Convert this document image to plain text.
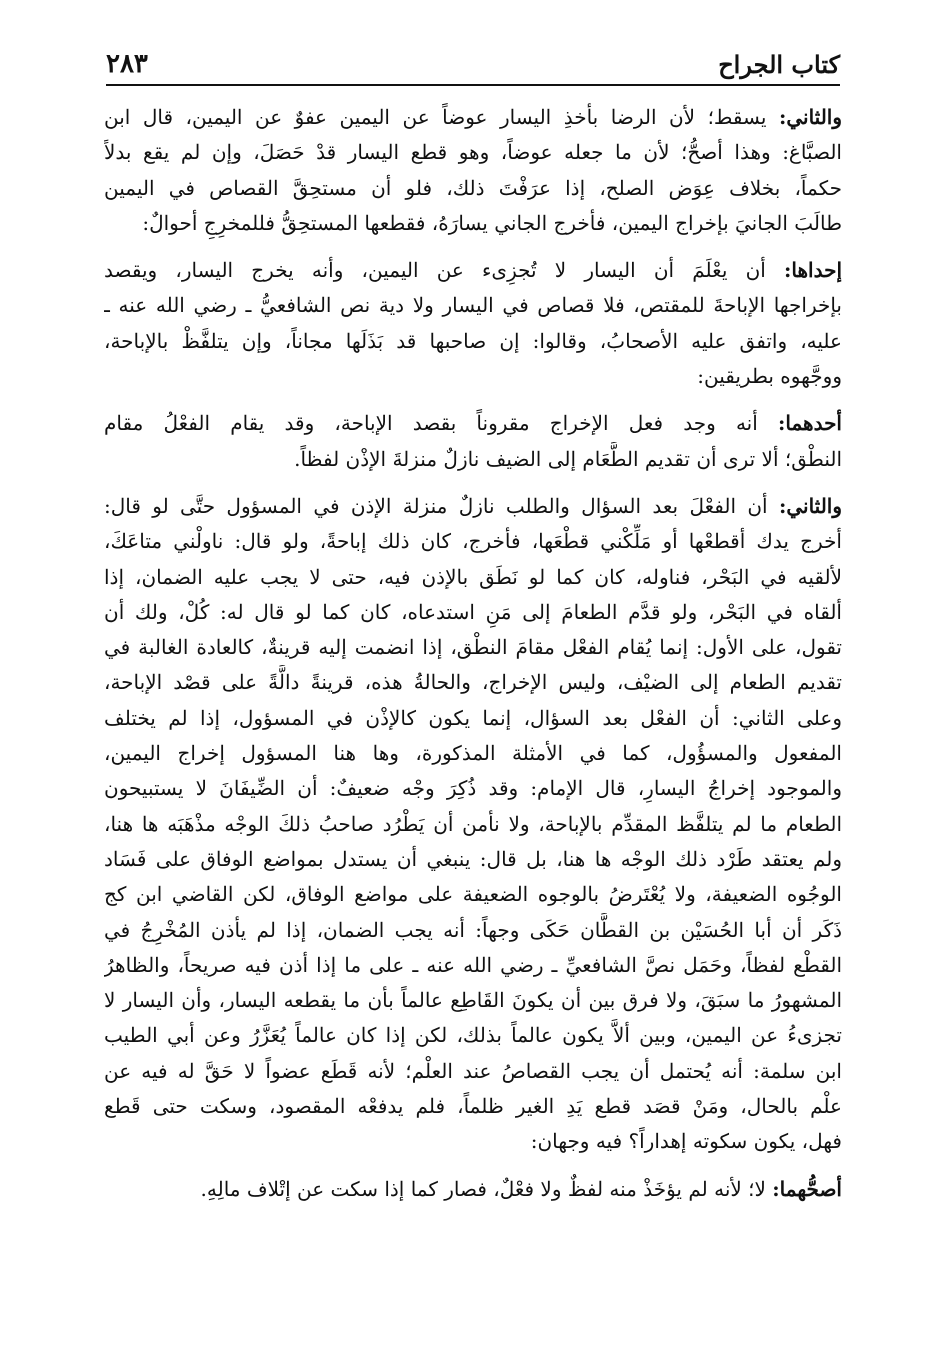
كتاب الجراح
٢٨٣
والثاني: يسقط؛ لأن الرضا بأخذِ اليسار عوضاً عن اليمين عفوٌ عن اليمين، قال ابن
الصبَّاغ: وهذا أصحُّ؛ لأن ما جعله عوضاً، وهو قطع اليسار قدْ حَصَلَ، وإن لم يقع بدلاً
حكماً، بخلاف عِوَض الصلح، إذا عرَفْتَ ذلك، فلو أن مستحِقَّ القصاص في اليمين
طالَبَ الجانيَ بإخراج اليمين، فأخرج الجاني يسارَهُ، فقطعها المستحِقُّ فللمخرِجِ أحوالٌ:
إحداها: أن يعْلَمَ أن اليسار لا تُجزِىء عن اليمين، وأنه يخرج اليسار، ويقصد
بإخراجها الإباحةَ للمقتص، فلا قصاص في اليسار ولا دية نص الشافعيُّ ـ رضي الله عنه ـ
عليه، واتفق عليه الأصحابُ، وقالوا: إن صاحبها قد بَذَلَها مجاناً، وإن يتلفَّظْ بالإباحة،
ووجَّهوه بطريقين:
أحدهما: أنه وجد فعل الإخراج مقروناً بقصد الإباحة، وقد يقام الفعْلُ مقام
النطْق؛ ألا ترى أن تقديم الطَّعَام إلى الضيف نازلٌ منزلةَ الإذْن لفظاً.
والثاني: أن الفعْلَ بعد السؤال والطلب نازلٌ منزلة الإذن في المسؤول حتَّى لو قال:
أخرج يدك أقطعْها أو مَلِّكْني قطْعَها، فأخرج، كان ذلك إباحةً، ولو قال: ناولْني متاعَكَ،
لألقيه في البَحْر، فناوله، كان كما لو نَطَق بالإذن فيه، حتى لا يجب عليه الضمان، إذا
ألقاه في البَحْر، ولو قدَّم الطعامَ إلى مَنِ استدعاه، كان كما لو قال له: كُلْ، ولك أن
تقول، على الأول: إنما يُقام الفعْل مقامَ النطْق، إذا انضمت إليه قرينةٌ، كالعادة الغالبة في
تقديم الطعام إلى الضيْف، وليس الإخراج، والحالةُ هذه، قرينةً دالَّةً على قصْد الإباحة،
وعلى الثاني: أن الفعْل بعد السؤال، إنما يكون كالإذْن في المسؤول، إذا لم يختلف
المفعول والمسؤُول، كما في الأمثلة المذكورة، وها هنا المسؤول إخراج اليمين،
والموجود إخراجُ اليسارِ، قال الإمام: وقد ذُكِرَ وجْه ضعيفٌ: أن الضِّيفَانَ لا يستبيحون
الطعام ما لم يتلفَّظ المقدِّم بالإباحة، ولا نأمن أن يَطْرُد صاحبُ ذلكَ الوجْه مذْهَبَه ها هنا،
ولم يعتقد طَرْد ذلك الوجْه ها هنا، بل قال: ينبغي أن يستدل بمواضع الوفاق على فَسَاد
الوجُوه الضعيفة، ولا يُعْتَرضُ بالوجوه الضعيفة على مواضع الوفاق، لكن القاضي ابن كج
ذَكَر أن أبا الحُسَيْن بن القطَّان حَكَى وجهاً: أنه يجب الضمان، إذا لم يأذن المُخْرِجُ في
القطْع لفظاً، وحَمَل نصَّ الشافعيِّ ـ رضي الله عنه ـ على ما إذا أذن فيه صريحاً، والظاهرُ
المشهورُ ما سبَقَ، ولا فرق بين أن يكونَ القَاطِع عالماً بأن ما يقطعه اليسار، وأن اليسار لا
تجزىءُ عن اليمين، وبين ألاَّ يكون عالماً بذلك، لكن إذا كان عالماً يُعَزَّرُ وعن أبي الطيب
ابن سلمة: أنه يُحتمل أن يجب القصاصُ عند العلْم؛ لأنه قَطَع عضواً لا حَقَّ له فيه عن
علْم بالحال، ومَنْ قصَد قطع يَدِ الغير ظلماً، فلم يدفعْه المقصود، وسكت حتى قَطع
فهل، يكون سكوته إهداراً؟ فيه وجهان:
أصحُّهما: لا؛ لأنه لم يؤخَذْ منه لفظٌ ولا فعْلٌ، فصار كما إذا سكت عن إتْلاف مالِهِ.
